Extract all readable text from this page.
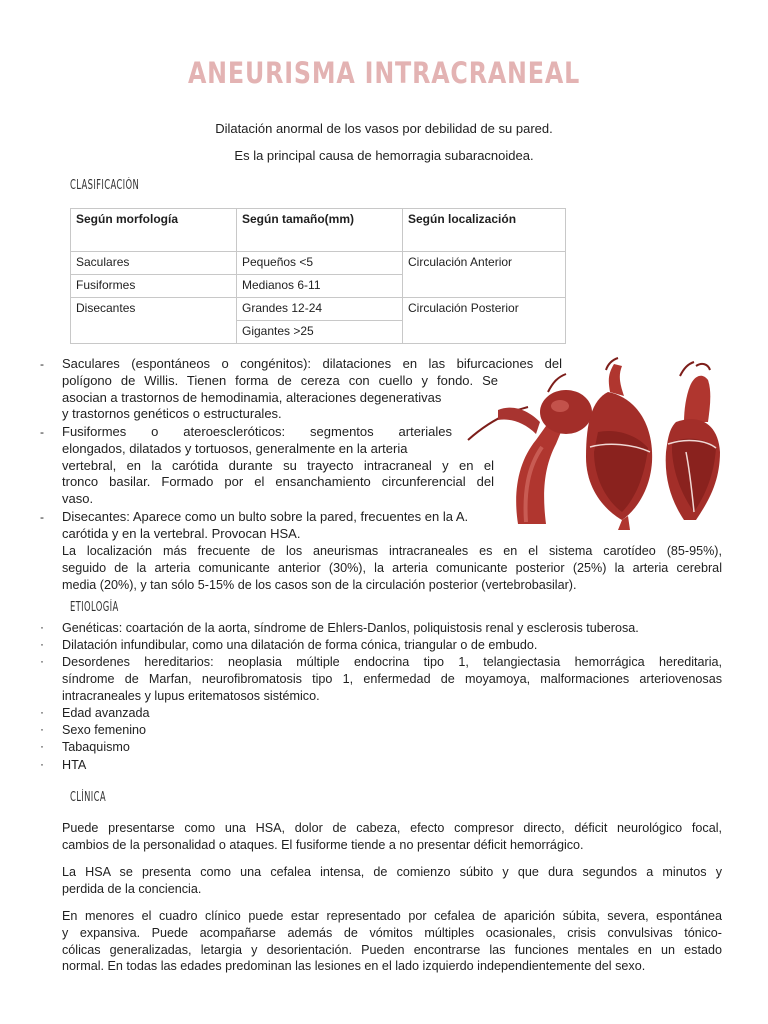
ANEURISMA INTRACRANEAL
Dilatación anormal de los vasos por debilidad de su pared.
Es la principal causa de hemorragia subaracnoidea.
CLASIFICACIÓN
Según morfología	Según tamaño(mm)	Según localización
Saculares	Pequeños <5	Circulación Anterior
Fusiformes	Medianos 6-11	
Disecantes	Grandes 12-24	Circulación Posterior
	Gigantes >25	
- Saculares (espontáneos o congénitos): dilataciones en las bifurcaciones del
polígono de Willis. Tienen forma de cereza con cuello y fondo. Se
asocian a trastornos de hemodinamia, alteraciones degenerativas
y trastornos genéticos o estructurales.
- Fusiformes o ateroescleróticos: segmentos arteriales
elongados, dilatados y tortuosos, generalmente en la arteria
vertebral, en la carótida durante su trayecto intracraneal y en el
tronco basilar. Formado por el ensanchamiento circunferencial del
vaso.
- Disecantes: Aparece como un bulto sobre la pared, frecuentes en la A.
carótida y en la vertebral. Provocan HSA.
La localización más frecuente de los aneurismas intracraneales es en el sistema carotídeo (85-95%),
seguido de la arteria comunicante anterior (30%), la arteria comunicante posterior (25%) la arteria cerebral
media (20%), y tan sólo 5-15% de los casos son de la circulación posterior (vertebrobasilar).
ETIOLOGÍA
· Genéticas: coartación de la aorta, síndrome de Ehlers-Danlos, poliquistosis renal y esclerosis tuberosa.
· Dilatación infundibular, como una dilatación de forma cónica, triangular o de embudo.
· Desordenes hereditarios: neoplasia múltiple endocrina tipo 1, telangiectasia hemorrágica hereditaria,
síndrome de Marfan, neurofibromatosis tipo 1, enfermedad de moyamoya, malformaciones arteriovenosas
intracraneales y lupus eritematosos sistémico.
· Edad avanzada
· Sexo femenino
· Tabaquismo
· HTA
CLÍNICA
Puede presentarse como una HSA, dolor de cabeza, efecto compresor directo, déficit neurológico focal,
cambios de la personalidad o ataques. El fusiforme tiende a no presentar déficit hemorrágico.
La HSA se presenta como una cefalea intensa, de comienzo súbito y que dura segundos a minutos y
perdida de la conciencia.
En menores el cuadro clínico puede estar representado por cefalea de aparición súbita, severa, espontánea
y expansiva. Puede acompañarse además de vómitos múltiples ocasionales, crisis convulsivas tónico-
cólicas generalizadas, letargia y desorientación. Pueden encontrarse las funciones mentales en un estado
normal. En todas las edades predominan las lesiones en el lado izquierdo independientemente del sexo.
